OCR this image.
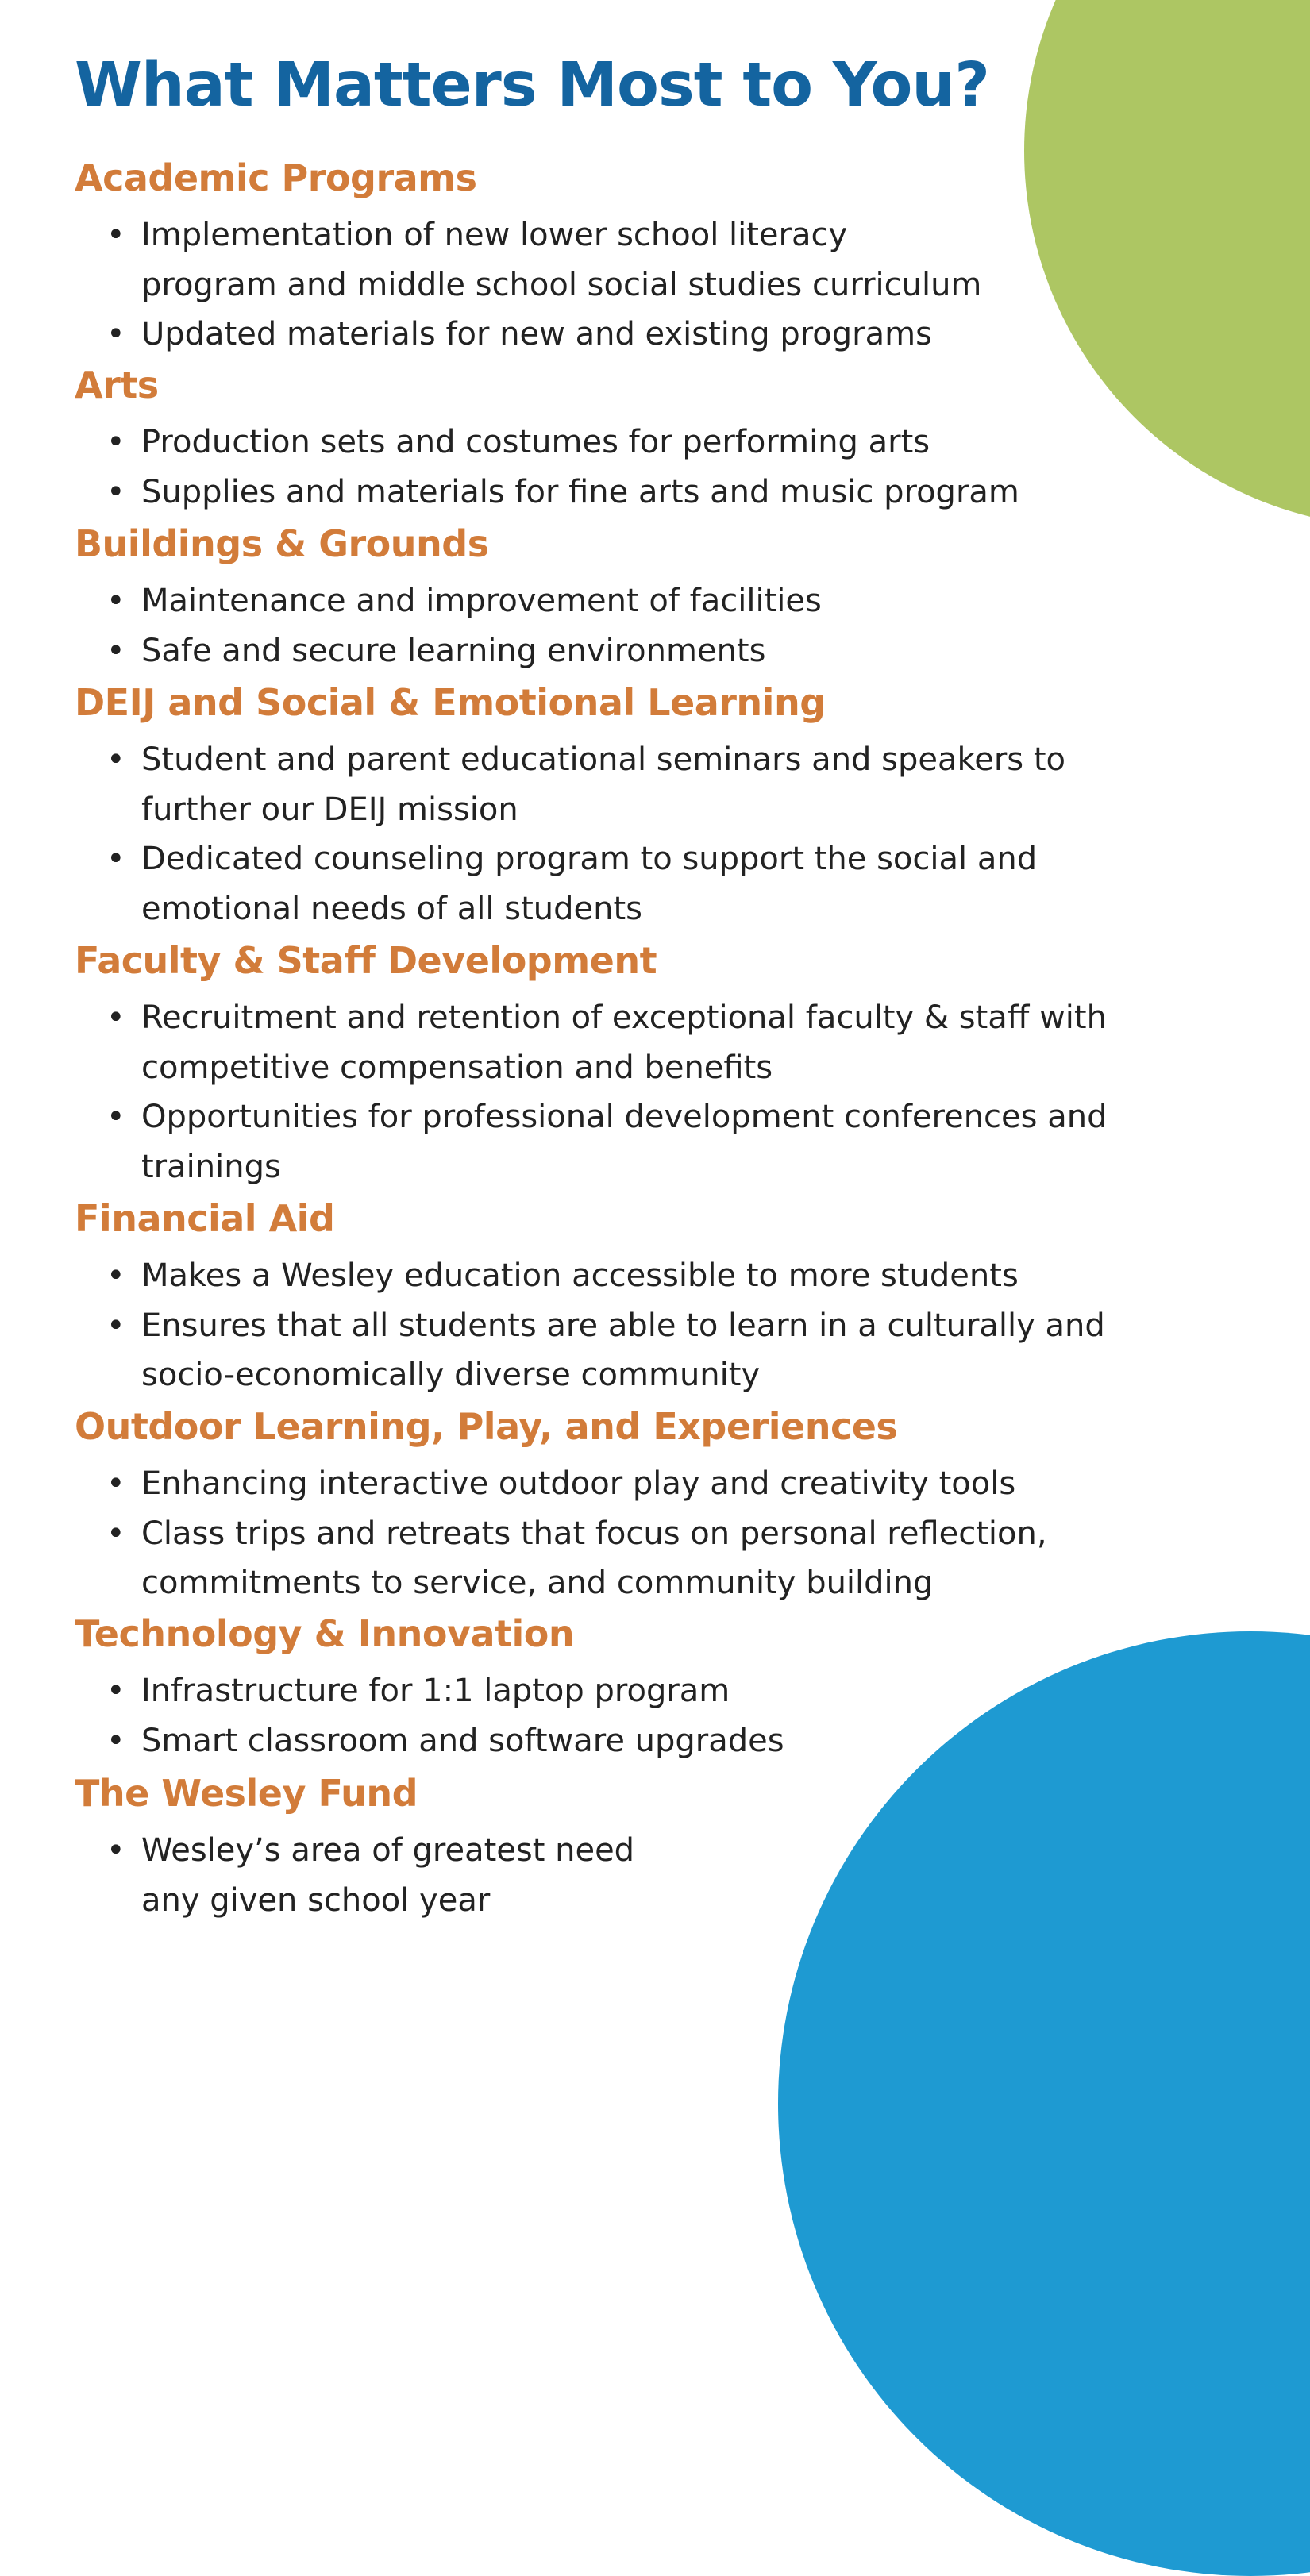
What Matters Most to You?
Academic Programs
• Implementation of new lower school literacy

program and middle school social studies curriculum

• Updated materials for new and existing programs

Arts
• Production sets and costumes for performing arts

• Supplies and materials for fine arts and music program

Buildings & Grounds
• Maintenance and improvement of facilities

• Safe and secure learning environments

DEIJ and Social & Emotional Learning
• Student and parent educational seminars and speakers to

further our DEIJ mission

• Dedicated counseling program to support the social and

emotional needs of all students

Faculty & Staff Development
• Recruitment and retention of exceptional faculty & staff with

competitive compensation and benefits

• Opportunities for professional development conferences and

trainings

Financial Aid
• Makes a Wesley education accessible to more students

• Ensures that all students are able to learn in a culturally and

socio-economically diverse community

Outdoor Learning, Play, and Experiences
• Enhancing interactive outdoor play and creativity tools

• Class trips and retreats that focus on personal reflection,

commitments to service, and community building

Technology & Innovation
• Infrastructure for 1:1 laptop program

• Smart classroom and software upgrades

The Wesley Fund
• Wesley’s area of greatest need

any given school year
